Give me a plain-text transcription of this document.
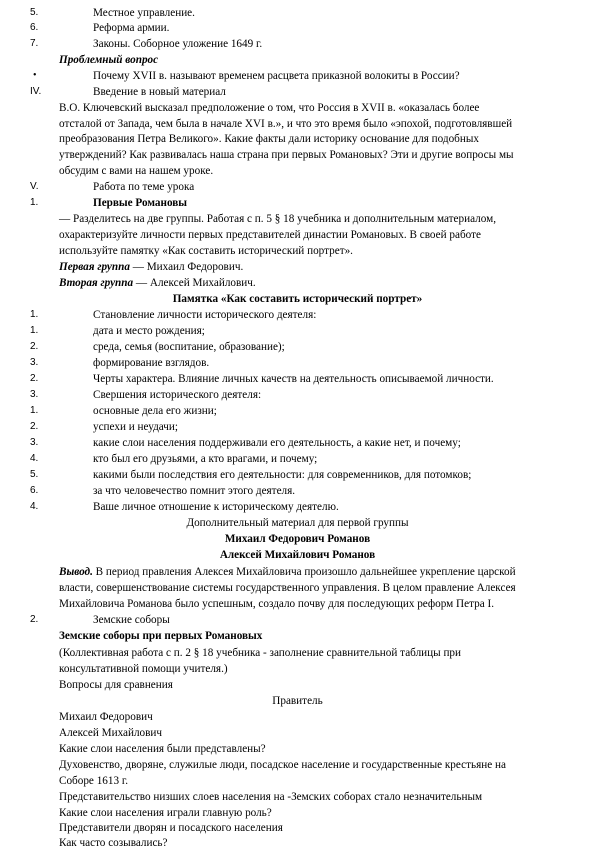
5.	Местное управление.
6.	Реформа армии.
7.	Законы. Соборное уложение 1649 г.
Проблемный вопрос
•	Почему XVII в. называют временем расцвета приказной волокиты в России?
IV.	Введение в новый материал
В.О. Ключевский высказал предположение о том, что Россия в XVII в. «оказалась более
отсталой от Запада, чем была в начале XVI в.», и что это время было «эпохой, подготовлявшей
преобразования Петра Великого». Какие факты дали историку основание для подобных
утверждений? Как развивалась наша страна при первых Романовых? Эти и другие вопросы мы
обсудим с вами на нашем уроке.
V.	Работа по теме урока
1.	Первые Романовы
— Разделитесь на две группы. Работая с п. 5 § 18 учебника и дополнительным материалом,
охарактеризуйте личности первых представителей династии Романовых. В своей работе
используйте памятку «Как составить исторический портрет».
Первая группа — Михаил Федорович.
Вторая группа — Алексей Михайлович.
Памятка «Как составить исторический портрет»
1.	Становление личности исторического деятеля:
1.	дата и место рождения;
2.	среда, семья (воспитание, образование);
3.	формирование взглядов.
2.	Черты характера. Влияние личных качеств на деятельность описываемой личности.
3.	Свершения исторического деятеля:
1.	основные дела его жизни;
2.	успехи и неудачи;
3.	какие слои населения поддерживали его деятельность, а какие нет, и почему;
4.	кто был его друзьями, а кто врагами, и почему;
5.	какими были последствия его деятельности: для современников, для потомков;
6.	за что человечество помнит этого деятеля.
4.	Ваше личное отношение к историческому деятелю.
Дополнительный материал для первой группы
Михаил Федорович Романов
Алексей Михайлович Романов
Вывод. В период правления Алексея Михайловича произошло дальнейшее укрепление царской
власти, совершенствование системы государственного управления. В целом правление Алексея
Михайловича Романова было успешным, создало почву для последующих реформ Петра I.
2.	Земские соборы
Земские соборы при первых Романовых
(Коллективная работа с п. 2 § 18 учебника - заполнение сравнительной таблицы при
консультативной помощи учителя.)
Вопросы для сравнения
Правитель
Михаил Федорович
Алексей Михайлович
Какие слои населения были представлены?
Духовенство, дворяне, служилые люди, посадское население и государственные крестьяне на
Соборе 1613 г.
Представительство низших слоев населения на -Земских соборах стало незначительным
Какие слои населения играли главную роль?
Представители дворян и посадского населения
Как часто созывались?
